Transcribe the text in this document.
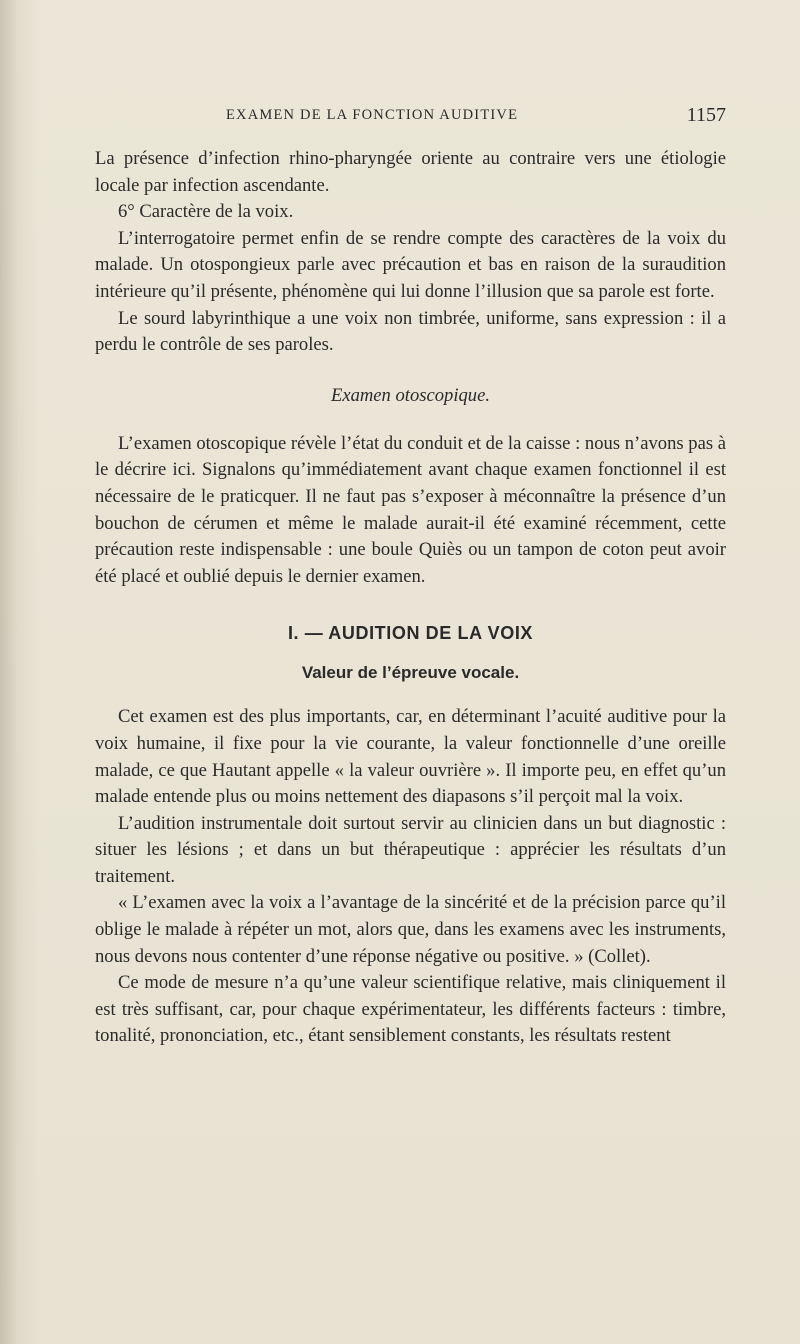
EXAMEN DE LA FONCTION AUDITIVE	1157

La présence d’infection rhino-pharyngée oriente au contraire vers une étiologie locale par infection ascendante.

6° Caractère de la voix.

L’interrogatoire permet enfin de se rendre compte des caractères de la voix du malade. Un otospongieux parle avec précaution et bas en raison de la suraudition intérieure qu’il présente, phénomène qui lui donne l’illusion que sa parole est forte.

Le sourd labyrinthique a une voix non timbrée, uniforme, sans expression : il a perdu le contrôle de ses paroles.

Examen otoscopique.

L’examen otoscopique révèle l’état du conduit et de la caisse : nous n’avons pas à le décrire ici. Signalons qu’immédiatement avant chaque examen fonctionnel il est nécessaire de le praticquer. Il ne faut pas s’exposer à méconnaître la présence d’un bouchon de cérumen et même le malade aurait-il été examiné récemment, cette précaution reste indispensable : une boule Quiès ou un tampon de coton peut avoir été placé et oublié depuis le dernier examen.

I. — AUDITION DE LA VOIX
Valeur de l’épreuve vocale.

Cet examen est des plus importants, car, en déterminant l’acuité auditive pour la voix humaine, il fixe pour la vie courante, la valeur fonctionnelle d’une oreille malade, ce que Hautant appelle « la valeur ouvrière ». Il importe peu, en effet qu’un malade entende plus ou moins nettement des diapasons s’il perçoit mal la voix.

L’audition instrumentale doit surtout servir au clinicien dans un but diagnostic : situer les lésions ; et dans un but thérapeutique : apprécier les résultats d’un traitement.

« L’examen avec la voix a l’avantage de la sincérité et de la précision parce qu’il oblige le malade à répéter un mot, alors que, dans les examens avec les instruments, nous devons nous contenter d’une réponse négative ou positive. » (Collet).

Ce mode de mesure n’a qu’une valeur scientifique relative, mais cliniquement il est très suffisant, car, pour chaque expérimentateur, les différents facteurs : timbre, tonalité, prononciation, etc., étant sensiblement constants, les résultats restent
